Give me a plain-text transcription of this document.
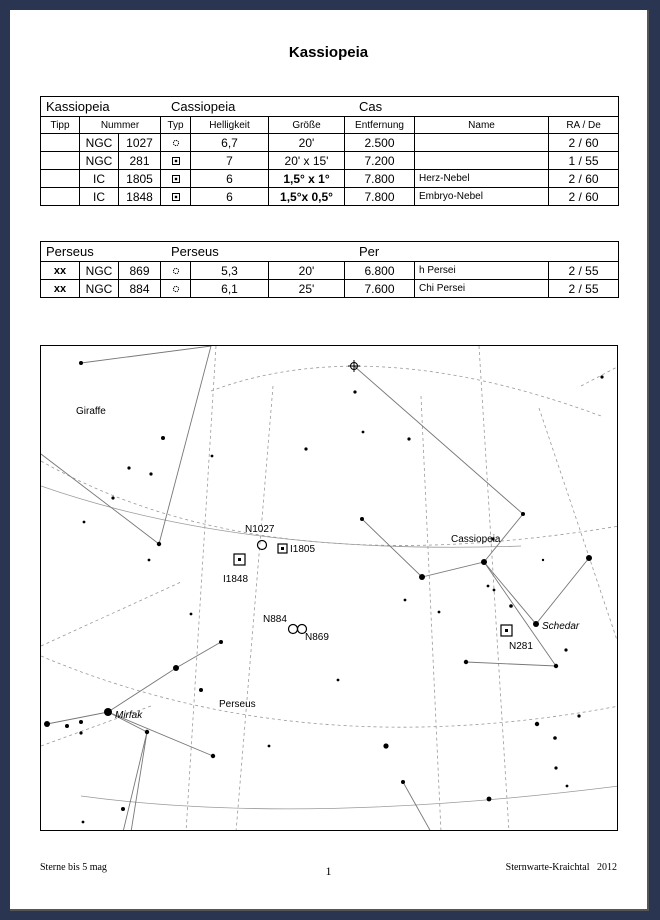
Kassiopeia
Kassiopeia Cassiopeia Cas								
Tipp	Nummer		Typ	Helligkeit	Größe	Entfernung	Name	RA / De
	NGC	1027		6,7	20'	2.500		2 / 60
	NGC	281		7	20' x 15'	7.200		1 / 55
	IC	1805		6	1,5° x 1°	7.800	Herz-Nebel	2 / 60
	IC	1848		6	1,5°x 0,5°	7.800	Embryo-Nebel	2 / 60
Perseus Perseus Per								
xx	NGC	869		5,3	20'	6.800	h Persei	2 / 55
xx	NGC	884		6,1	25'	7.600	Chi Persei	2 / 55
Giraffe
Cassiopeia
Schedar
Perseus
Mirfak
N1027
I1805
I1848
N884
N869
N281
Sterne bis 5 mag	1	Sternwarte-Kraichtal   2012
